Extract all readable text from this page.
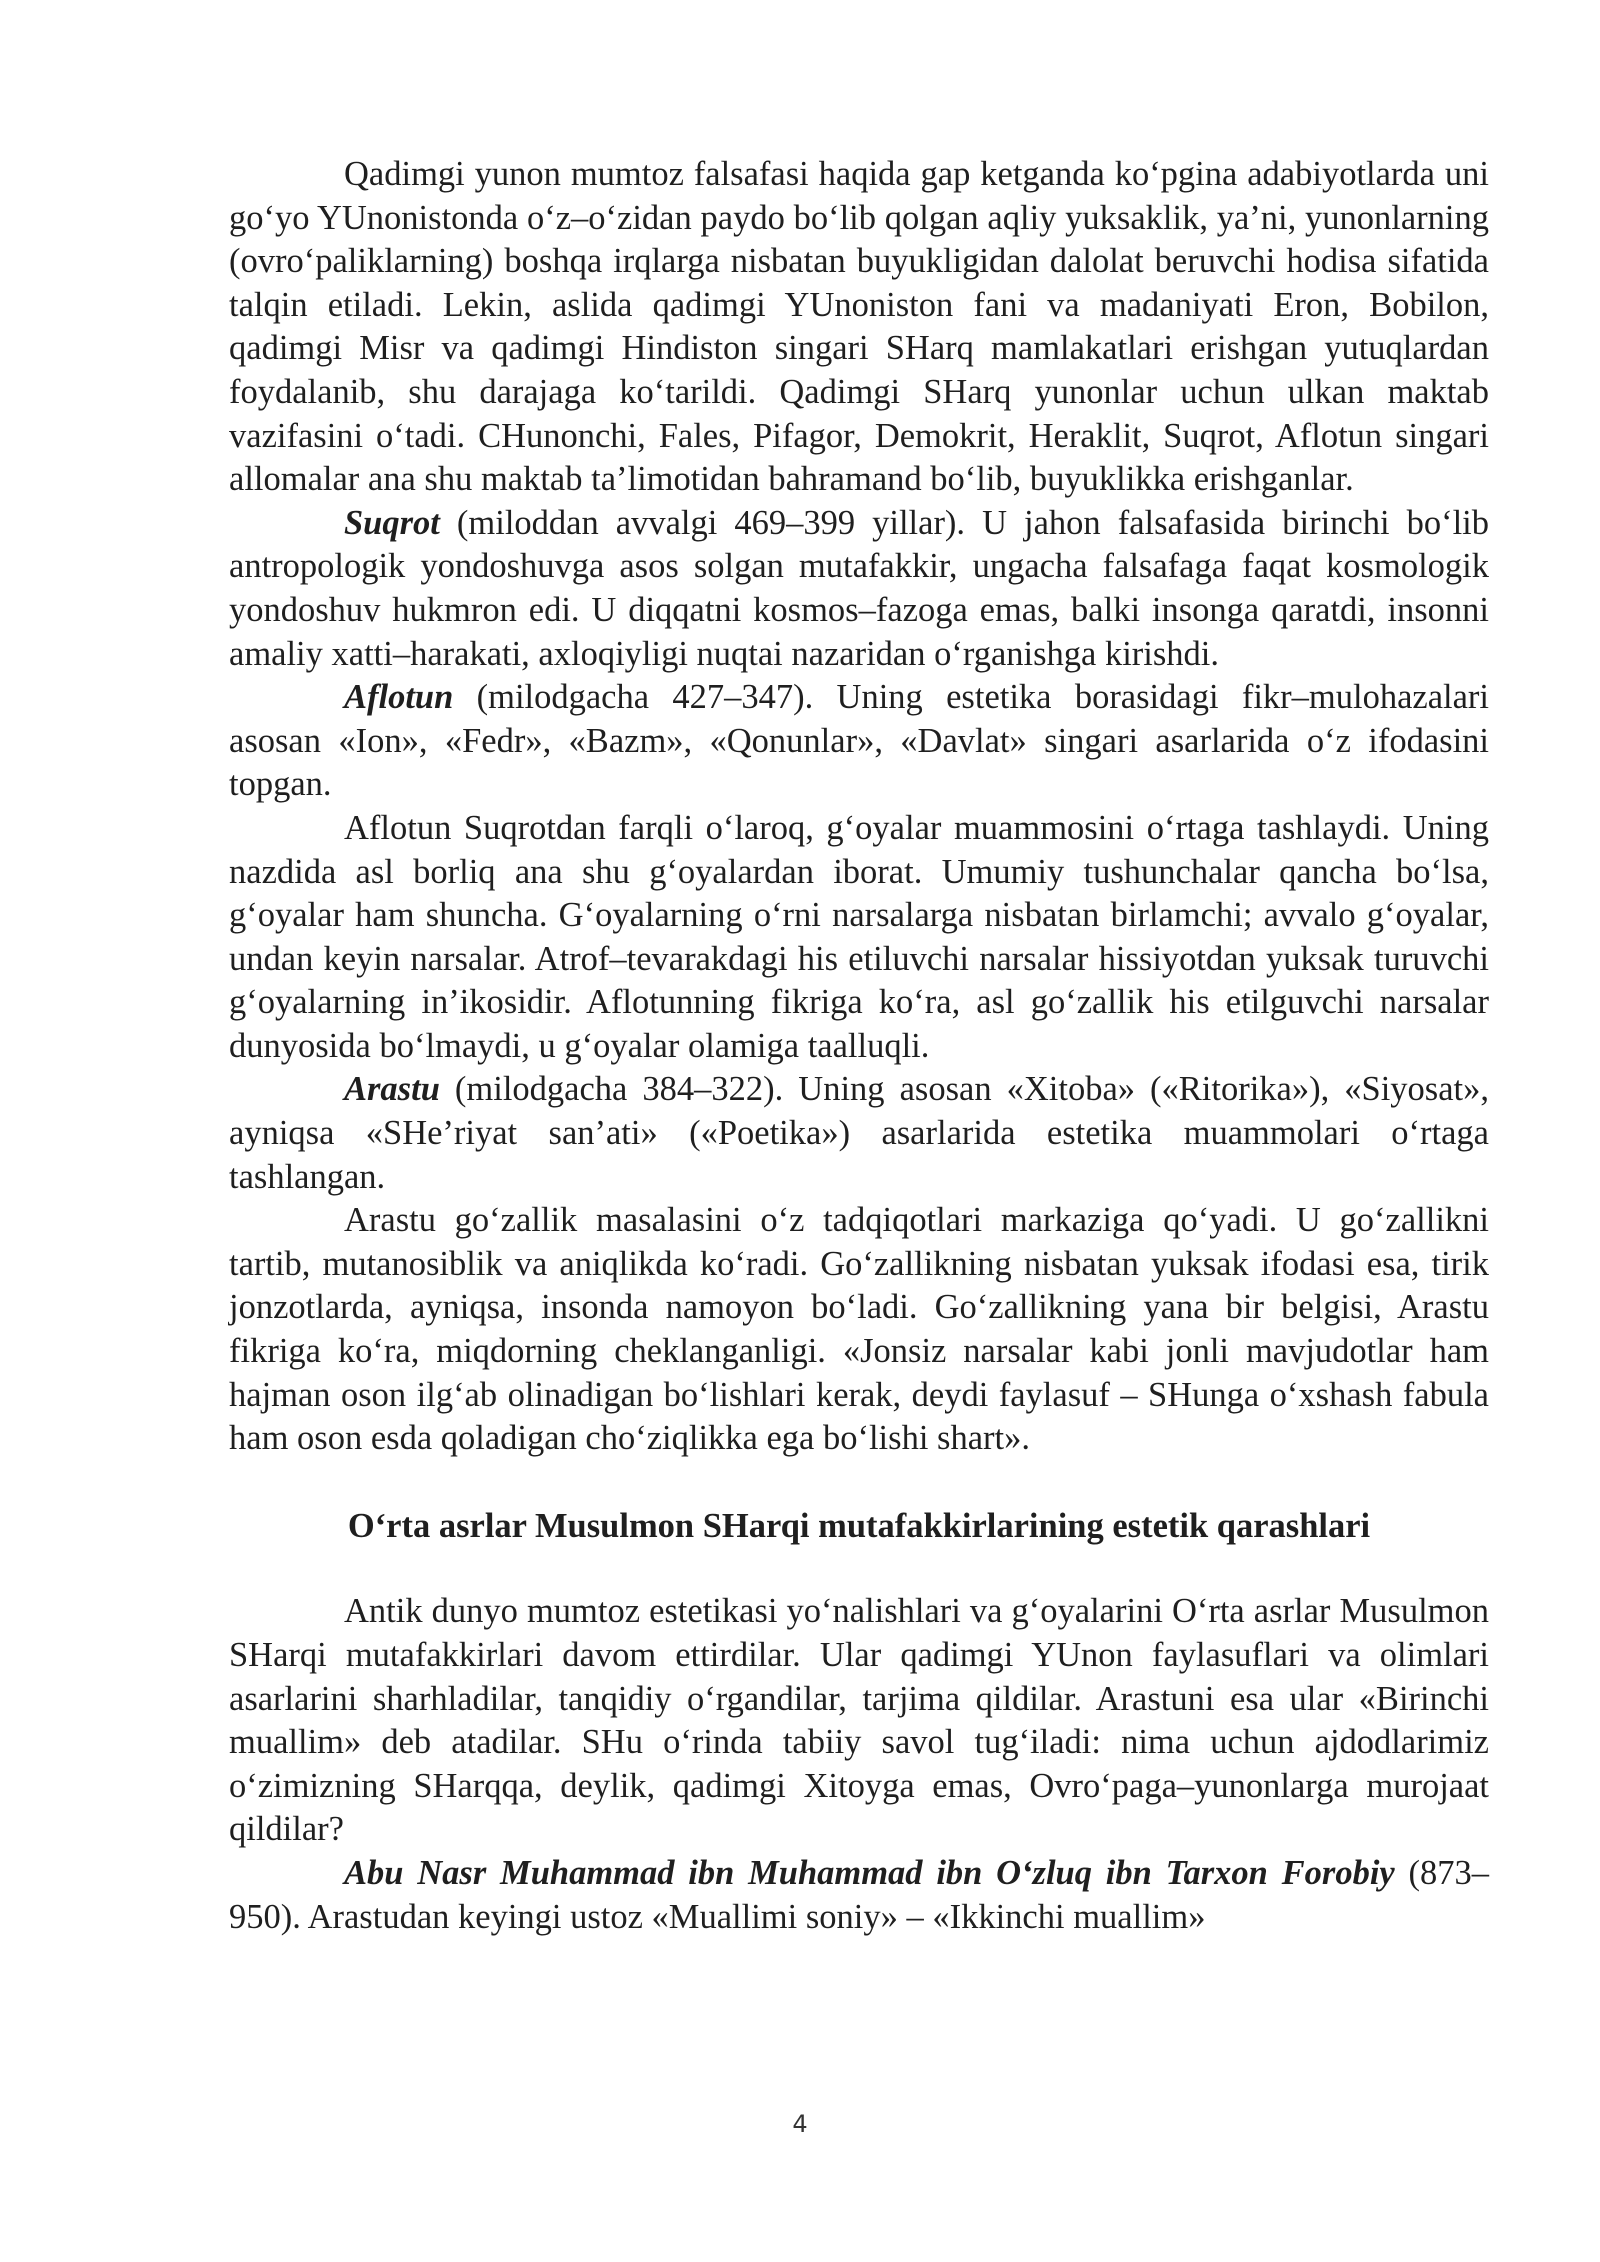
Qadimgi yunon mumtoz falsafasi haqida gap ketganda ko‘pgina adabiyotlarda uni go‘yo YUnonistonda o‘z–o‘zidan paydo bo‘lib qolgan aqliy yuksaklik, ya’ni, yunonlarning (ovro‘paliklarning) boshqa irqlarga nisbatan buyukligidan dalolat beruvchi hodisa sifatida talqin etiladi. Lekin, aslida qadimgi YUnoniston fani va madaniyati Eron, Bobilon, qadimgi Misr va qadimgi Hindiston singari SHarq mamlakatlari erishgan yutuqlardan foydalanib, shu darajaga ko‘tarildi. Qadimgi SHarq yunonlar uchun ulkan maktab vazifasini o‘tadi. CHunonchi, Fales, Pifagor, Demokrit, Heraklit, Suqrot, Aflotun singari allomalar ana shu maktab ta’limotidan bahramand bo‘lib, buyuklikka erishganlar.

Suqrot (miloddan avvalgi 469–399 yillar). U jahon falsafasida birinchi bo‘lib antropologik yondoshuvga asos solgan mutafakkir, ungacha falsafaga faqat kosmologik yondoshuv hukmron edi. U diqqatni kosmos–fazoga emas, balki insonga qaratdi, insonni amaliy xatti–harakati, axloqiyligi nuqtai nazaridan o‘rganishga kirishdi.

Aflotun (milodgacha 427–347). Uning estetika borasidagi fikr–mulohazalari asosan «Ion», «Fedr», «Bazm», «Qonunlar», «Davlat» singari asarlarida o‘z ifodasini topgan.

Aflotun Suqrotdan farqli o‘laroq, g‘oyalar muammosini o‘rtaga tashlaydi. Uning nazdida asl borliq ana shu g‘oyalardan iborat. Umumiy tushunchalar qancha bo‘lsa, g‘oyalar ham shuncha. G‘oyalarning o‘rni narsalarga nisbatan birlamchi; avvalo g‘oyalar, undan keyin narsalar. Atrof–tevarakdagi his etiluvchi narsalar hissiyotdan yuksak turuvchi g‘oyalarning in’ikosidir. Aflotunning fikriga ko‘ra, asl go‘zallik his etilguvchi narsalar dunyosida bo‘lmaydi, u g‘oyalar olamiga taalluqli.

Arastu (milodgacha 384–322). Uning asosan «Xitoba» («Ritorika»), «Siyosat», ayniqsa «SHe’riyat san’ati» («Poetika») asarlarida estetika muammolari o‘rtaga tashlangan.

Arastu go‘zallik masalasini o‘z tadqiqotlari markaziga qo‘yadi. U go‘zallikni tartib, mutanosiblik va aniqlikda ko‘radi. Go‘zallikning nisbatan yuksak ifodasi esa, tirik jonzotlarda, ayniqsa, insonda namoyon bo‘ladi. Go‘zallikning yana bir belgisi, Arastu fikriga ko‘ra, miqdorning cheklanganligi. «Jonsiz narsalar kabi jonli mavjudotlar ham hajman oson ilg‘ab olinadigan bo‘lishlari kerak, deydi faylasuf – SHunga o‘xshash fabula ham oson esda qoladigan cho‘ziqlikka ega bo‘lishi shart».

O‘rta asrlar Musulmon SHarqi mutafakkirlarining estetik qarashlari

Antik dunyo mumtoz estetikasi yo‘nalishlari va g‘oyalarini O‘rta asrlar Musulmon SHarqi mutafakkirlari davom ettirdilar. Ular qadimgi YUnon faylasuflari va olimlari asarlarini sharhladilar, tanqidiy o‘rgandilar, tarjima qildilar. Arastuni esa ular «Birinchi muallim» deb atadilar. SHu o‘rinda tabiiy savol tug‘iladi: nima uchun ajdodlarimiz o‘zimizning SHarqqa, deylik, qadimgi Xitoyga emas, Ovro‘paga–yunonlarga murojaat qildilar?

Abu Nasr Muhammad ibn Muhammad ibn O‘zluq ibn Tarxon Forobiy (873–950). Arastudan keyingi ustoz «Muallimi soniy» – «Ikkinchi muallim»

4
